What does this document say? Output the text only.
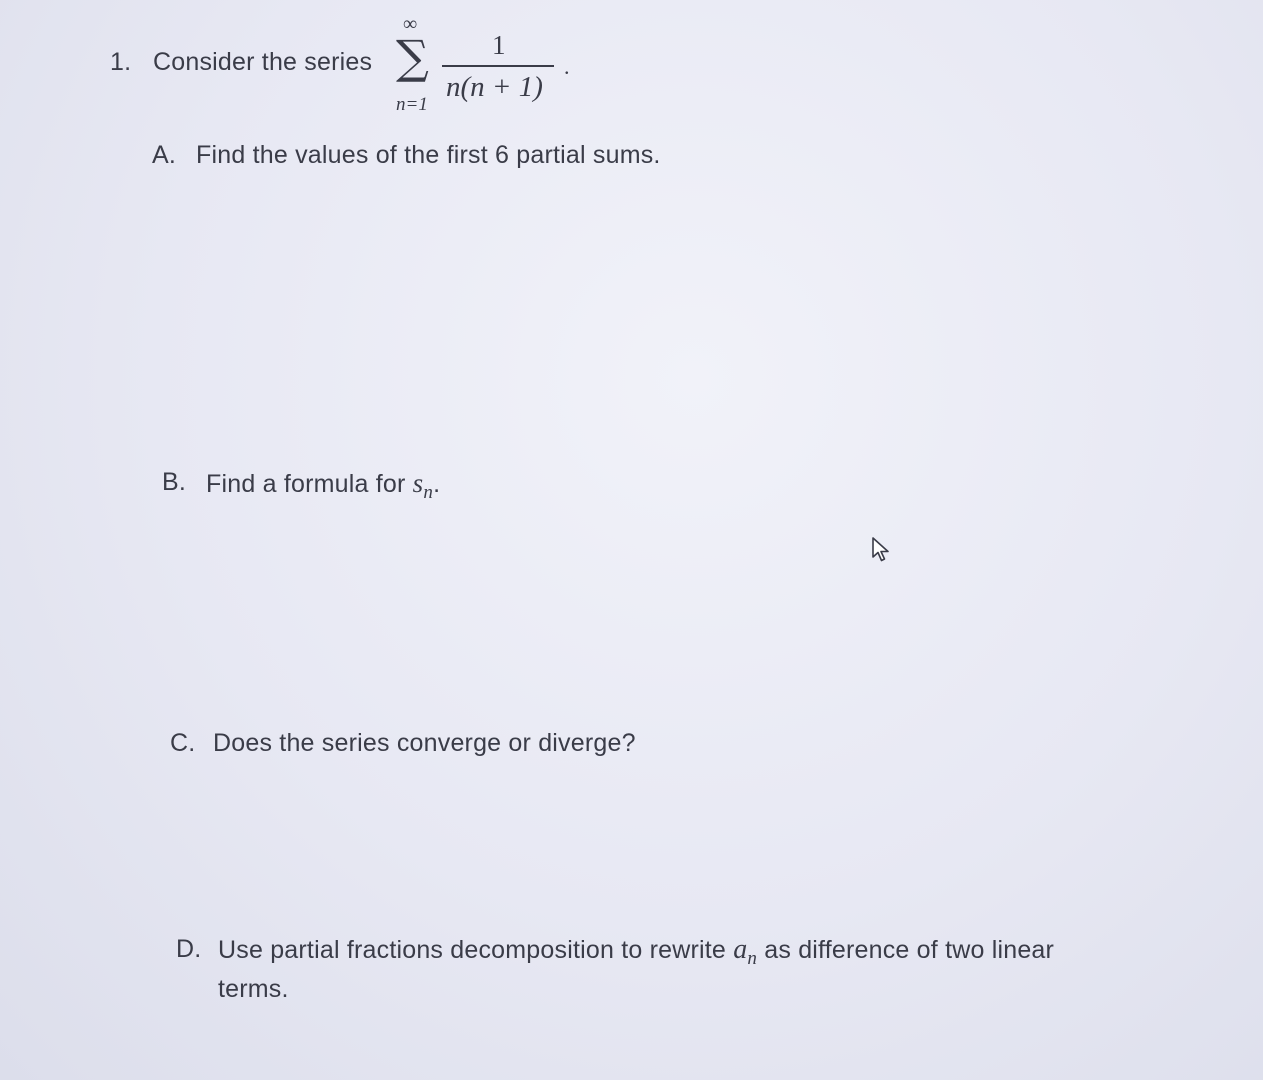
1. Consider the series
∞
∑
n=1
1
n(n + 1)
.
A. Find the values of the first 6 partial sums.
B. Find a formula for $s_n$.
C. Does the series converge or diverge?
D. Use partial fractions decomposition to rewrite $a_n$ as difference of two linear
terms.
